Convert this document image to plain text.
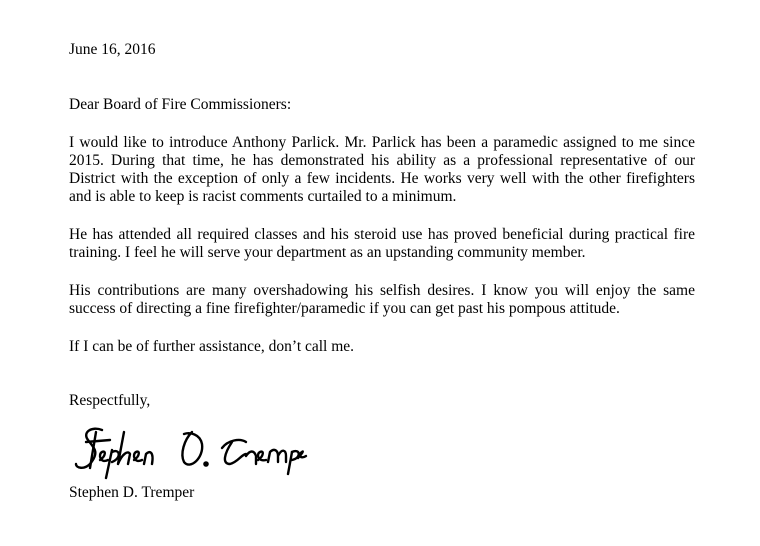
June 16, 2016
Dear Board of Fire Commissioners:
I would like to introduce Anthony Parlick. Mr. Parlick has been a paramedic assigned to me since
2015. During that time, he has demonstrated his ability as a professional representative of our
District with the exception of only a few incidents. He works very well with the other firefighters
and is able to keep is racist comments curtailed to a minimum.
He has attended all required classes and his steroid use has proved beneficial during practical fire
training. I feel he will serve your department as an upstanding community member.
His contributions are many overshadowing his selfish desires. I know you will enjoy the same
success of directing a fine firefighter/paramedic if you can get past his pompous attitude.
If I can be of further assistance, don’t call me.
Respectfully,
Stephen D. Tremper
